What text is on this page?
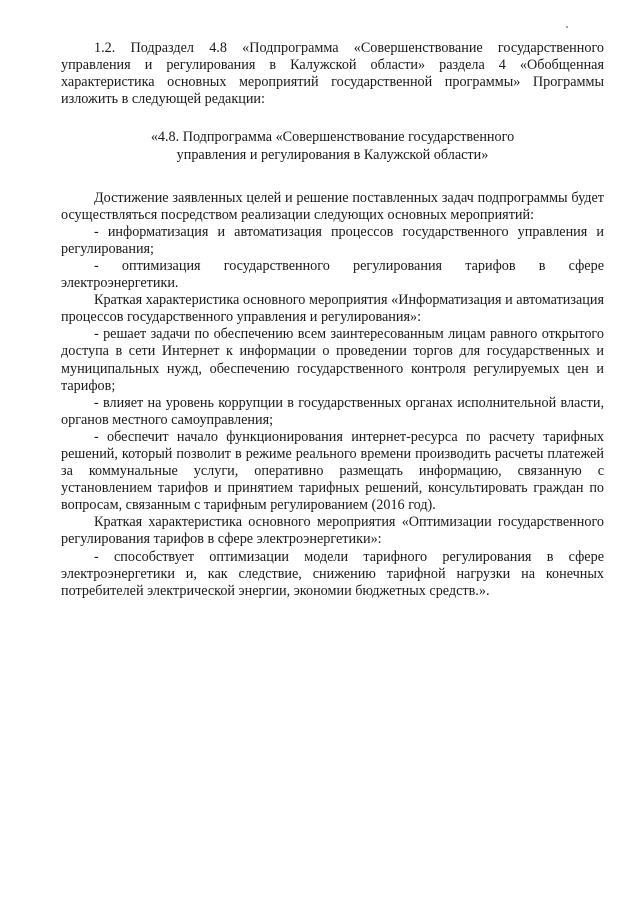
1.2. Подраздел 4.8 «Подпрограмма «Совершенствование государственного управления и регулирования в Калужской области» раздела 4 «Обобщенная характеристика основных мероприятий государственной программы» Программы изложить в следующей редакции:

«4.8. Подпрограмма «Совершенствование государственного
управления и регулирования в Калужской области»

Достижение заявленных целей и решение поставленных задач подпрограммы будет осуществляться посредством реализации следующих основных мероприятий:

- информатизация и автоматизация процессов государственного управления и регулирования;

- оптимизация государственного регулирования тарифов в сфере электроэнергетики.

Краткая характеристика основного мероприятия «Информатизация и автоматизация процессов государственного управления и регулирования»:

- решает задачи по обеспечению всем заинтересованным лицам равного открытого доступа в сети Интернет к информации о проведении торгов для государственных и муниципальных нужд, обеспечению государственного контроля регулируемых цен и тарифов;

- влияет на уровень коррупции в государственных органах исполнительной власти, органов местного самоуправления;

- обеспечит начало функционирования интернет-ресурса по расчету тарифных решений, который позволит в режиме реального времени производить расчеты платежей за коммунальные услуги, оперативно размещать информацию, связанную с установлением тарифов и принятием тарифных решений, консультировать граждан по вопросам, связанным с тарифным регулированием (2016 год).

Краткая характеристика основного мероприятия «Оптимизации государственного регулирования тарифов в сфере электроэнергетики»:

- способствует оптимизации модели тарифного регулирования в сфере электроэнергетики и, как следствие, снижению тарифной нагрузки на конечных потребителей электрической энергии, экономии бюджетных средств.».
